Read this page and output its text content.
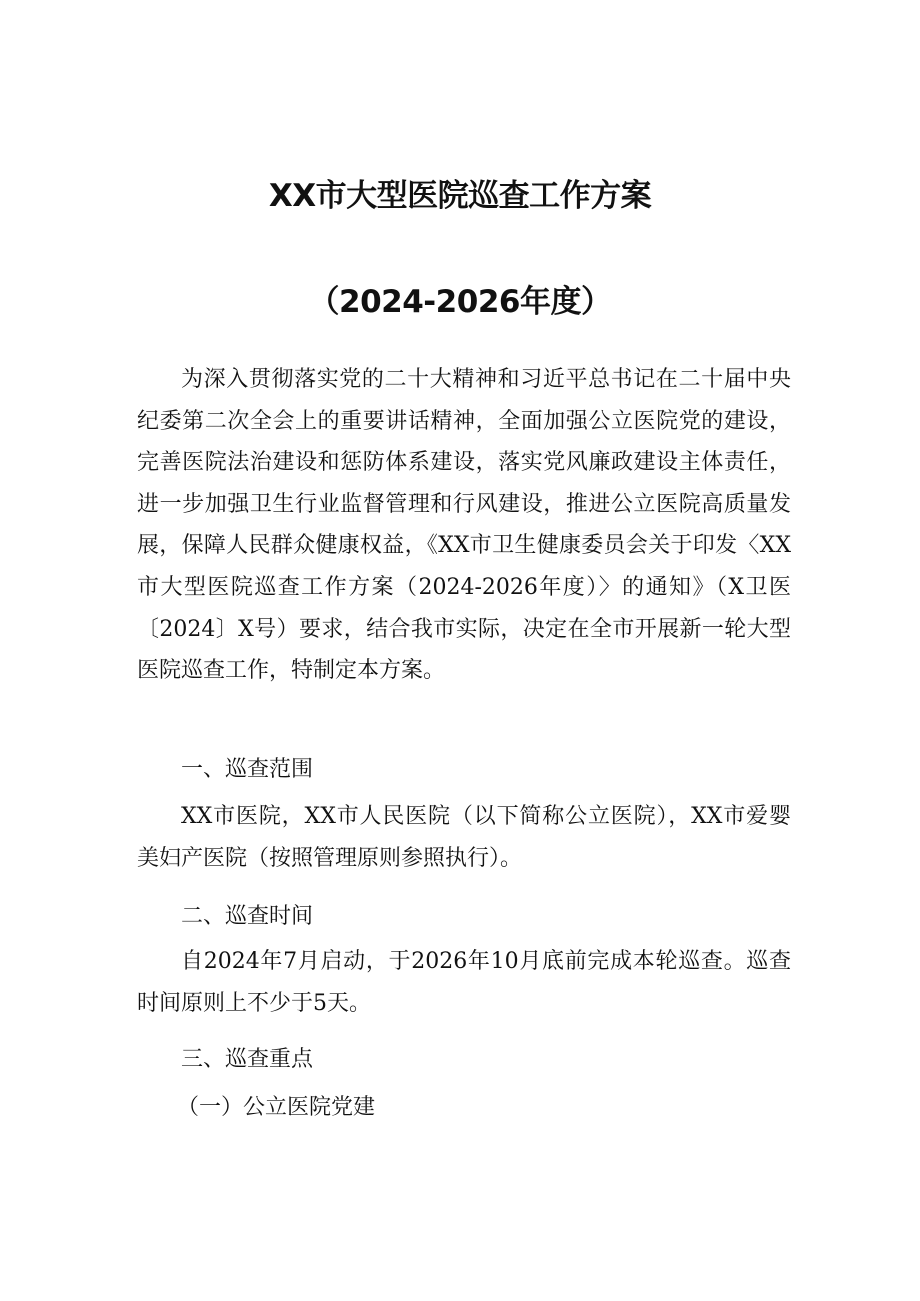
XX市大型医院巡查工作方案
（2024-2026年度）

为深入贯彻落实党的二十大精神和习近平总书记在二十届中央纪委第二次全会上的重要讲话精神，全面加强公立医院党的建设，完善医院法治建设和惩防体系建设，落实党风廉政建设主体责任，进一步加强卫生行业监督管理和行风建设，推进公立医院高质量发展，保障人民群众健康权益，《XX市卫生健康委员会关于印发〈XX市大型医院巡查工作方案（2024-2026年度）〉的通知》（X卫医〔2024〕X号）要求，结合我市实际，决定在全市开展新一轮大型医院巡查工作，特制定本方案。

一、巡查范围

XX市医院，XX市人民医院（以下简称公立医院），XX市爱婴美妇产医院（按照管理原则参照执行）。

二、巡查时间

自2024年7月启动，于2026年10月底前完成本轮巡查。巡查时间原则上不少于5天。

三、巡查重点

（一）公立医院党建
